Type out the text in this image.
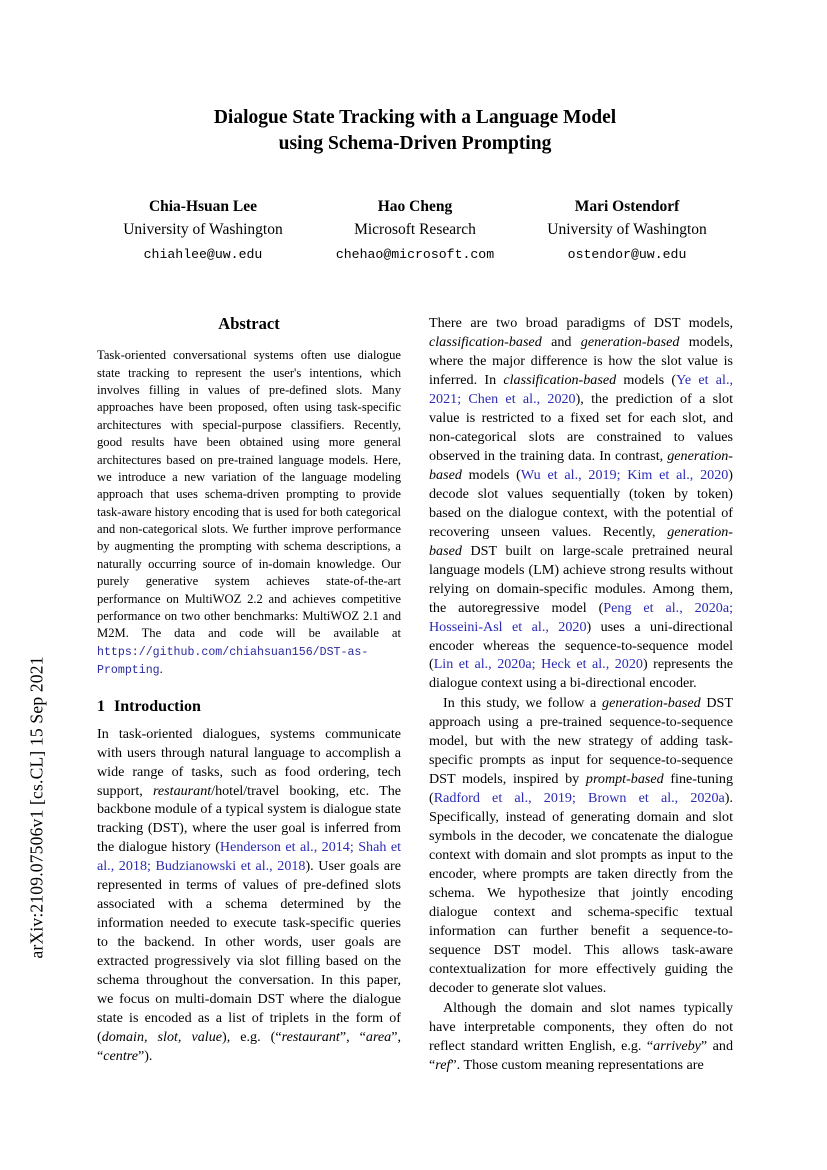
arXiv:2109.07506v1 [cs.CL] 15 Sep 2021
Dialogue State Tracking with a Language Model
using Schema-Driven Prompting
Chia-Hsuan Lee
University of Washington
chiahlee@uw.edu
Hao Cheng
Microsoft Research
chehao@microsoft.com
Mari Ostendorf
University of Washington
ostendor@uw.edu
Abstract
Task-oriented conversational systems often use dialogue state tracking to represent the user's intentions, which involves filling in values of pre-defined slots. Many approaches have been proposed, often using task-specific architectures with special-purpose classifiers. Recently, good results have been obtained using more general architectures based on pre-trained language models. Here, we introduce a new variation of the language modeling approach that uses schema-driven prompting to provide task-aware history encoding that is used for both categorical and non-categorical slots. We further improve performance by augmenting the prompting with schema descriptions, a naturally occurring source of in-domain knowledge. Our purely generative system achieves state-of-the-art performance on MultiWOZ 2.2 and achieves competitive performance on two other benchmarks: MultiWOZ 2.1 and M2M. The data and code will be available at https://github.com/chiahsuan156/DST-as-Prompting.
1 Introduction

In task-oriented dialogues, systems communicate with users through natural language to accomplish a wide range of tasks, such as food ordering, tech support, restaurant/hotel/travel booking, etc. The backbone module of a typical system is dialogue state tracking (DST), where the user goal is inferred from the dialogue history (Henderson et al., 2014; Shah et al., 2018; Budzianowski et al., 2018). User goals are represented in terms of values of pre-defined slots associated with a schema determined by the information needed to execute task-specific queries to the backend. In other words, user goals are extracted progressively via slot filling based on the schema throughout the conversation. In this paper, we focus on multi-domain DST where the dialogue state is encoded as a list of triplets in the form of (domain, slot, value), e.g. (“restaurant”, “area”, “centre”).

There are two broad paradigms of DST models, classification-based and generation-based models, where the major difference is how the slot value is inferred. In classification-based models (Ye et al., 2021; Chen et al., 2020), the prediction of a slot value is restricted to a fixed set for each slot, and non-categorical slots are constrained to values observed in the training data. In contrast, generation-based models (Wu et al., 2019; Kim et al., 2020) decode slot values sequentially (token by token) based on the dialogue context, with the potential of recovering unseen values. Recently, generation-based DST built on large-scale pretrained neural language models (LM) achieve strong results without relying on domain-specific modules. Among them, the autoregressive model (Peng et al., 2020a; Hosseini-Asl et al., 2020) uses a uni-directional encoder whereas the sequence-to-sequence model (Lin et al., 2020a; Heck et al., 2020) represents the dialogue context using a bi-directional encoder.

In this study, we follow a generation-based DST approach using a pre-trained sequence-to-sequence model, but with the new strategy of adding task-specific prompts as input for sequence-to-sequence DST models, inspired by prompt-based fine-tuning (Radford et al., 2019; Brown et al., 2020a). Specifically, instead of generating domain and slot symbols in the decoder, we concatenate the dialogue context with domain and slot prompts as input to the encoder, where prompts are taken directly from the schema. We hypothesize that jointly encoding dialogue context and schema-specific textual information can further benefit a sequence-to-sequence DST model. This allows task-aware contextualization for more effectively guiding the decoder to generate slot values.

Although the domain and slot names typically have interpretable components, they often do not reflect standard written English, e.g. “arriveby” and “ref”. Those custom meaning representations are
